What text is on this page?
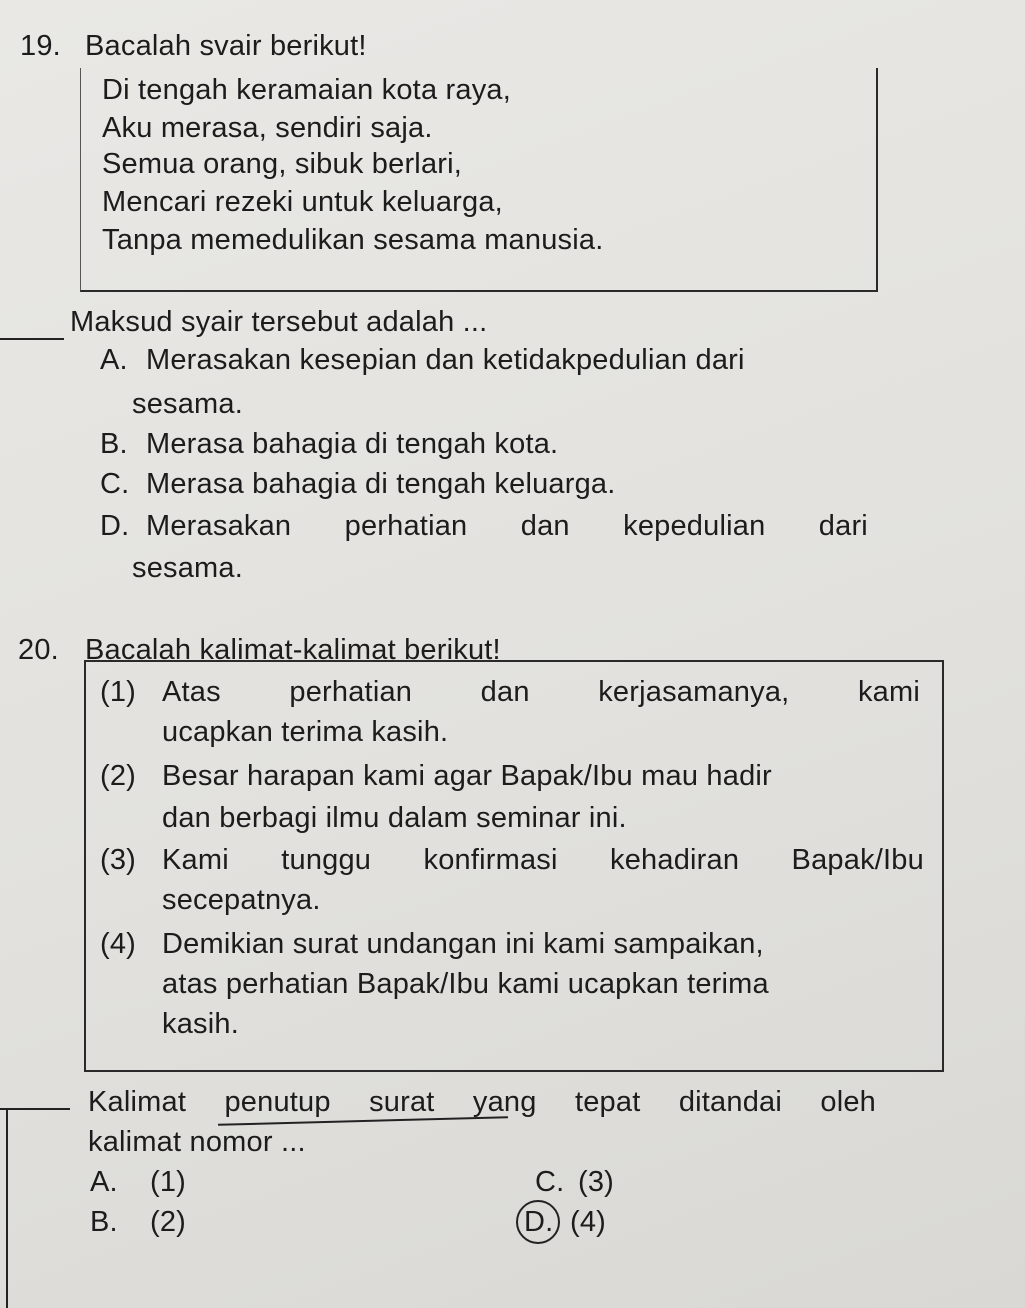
19. Bacalah svair berikut!
Di tengah keramaian kota raya,
Aku merasa, sendiri saja.
Semua orang, sibuk berlari,
Mencari rezeki untuk keluarga,
Tanpa memedulikan sesama manusia.
Maksud syair tersebut adalah ...
A. Merasakan kesepian dan ketidakpedulian dari
sesama.
B. Merasa bahagia di tengah kota.
C. Merasa bahagia di tengah keluarga.
D. Merasakan perhatian dan kepedulian dari
sesama.
20. Bacalah kalimat-kalimat berikut!
(1) Atas perhatian dan kerjasamanya, kami
ucapkan terima kasih.
(2) Besar harapan kami agar Bapak/Ibu mau hadir
dan berbagi ilmu dalam seminar ini.
(3) Kami tunggu konfirmasi kehadiran Bapak/Ibu
secepatnya.
(4) Demikian surat undangan ini kami sampaikan,
atas perhatian Bapak/Ibu kami ucapkan terima
kasih.
Kalimat penutup surat yang tepat ditandai oleh
kalimat nomor ...
A. (1)
B. (2)
C. (3)
D. (4)
